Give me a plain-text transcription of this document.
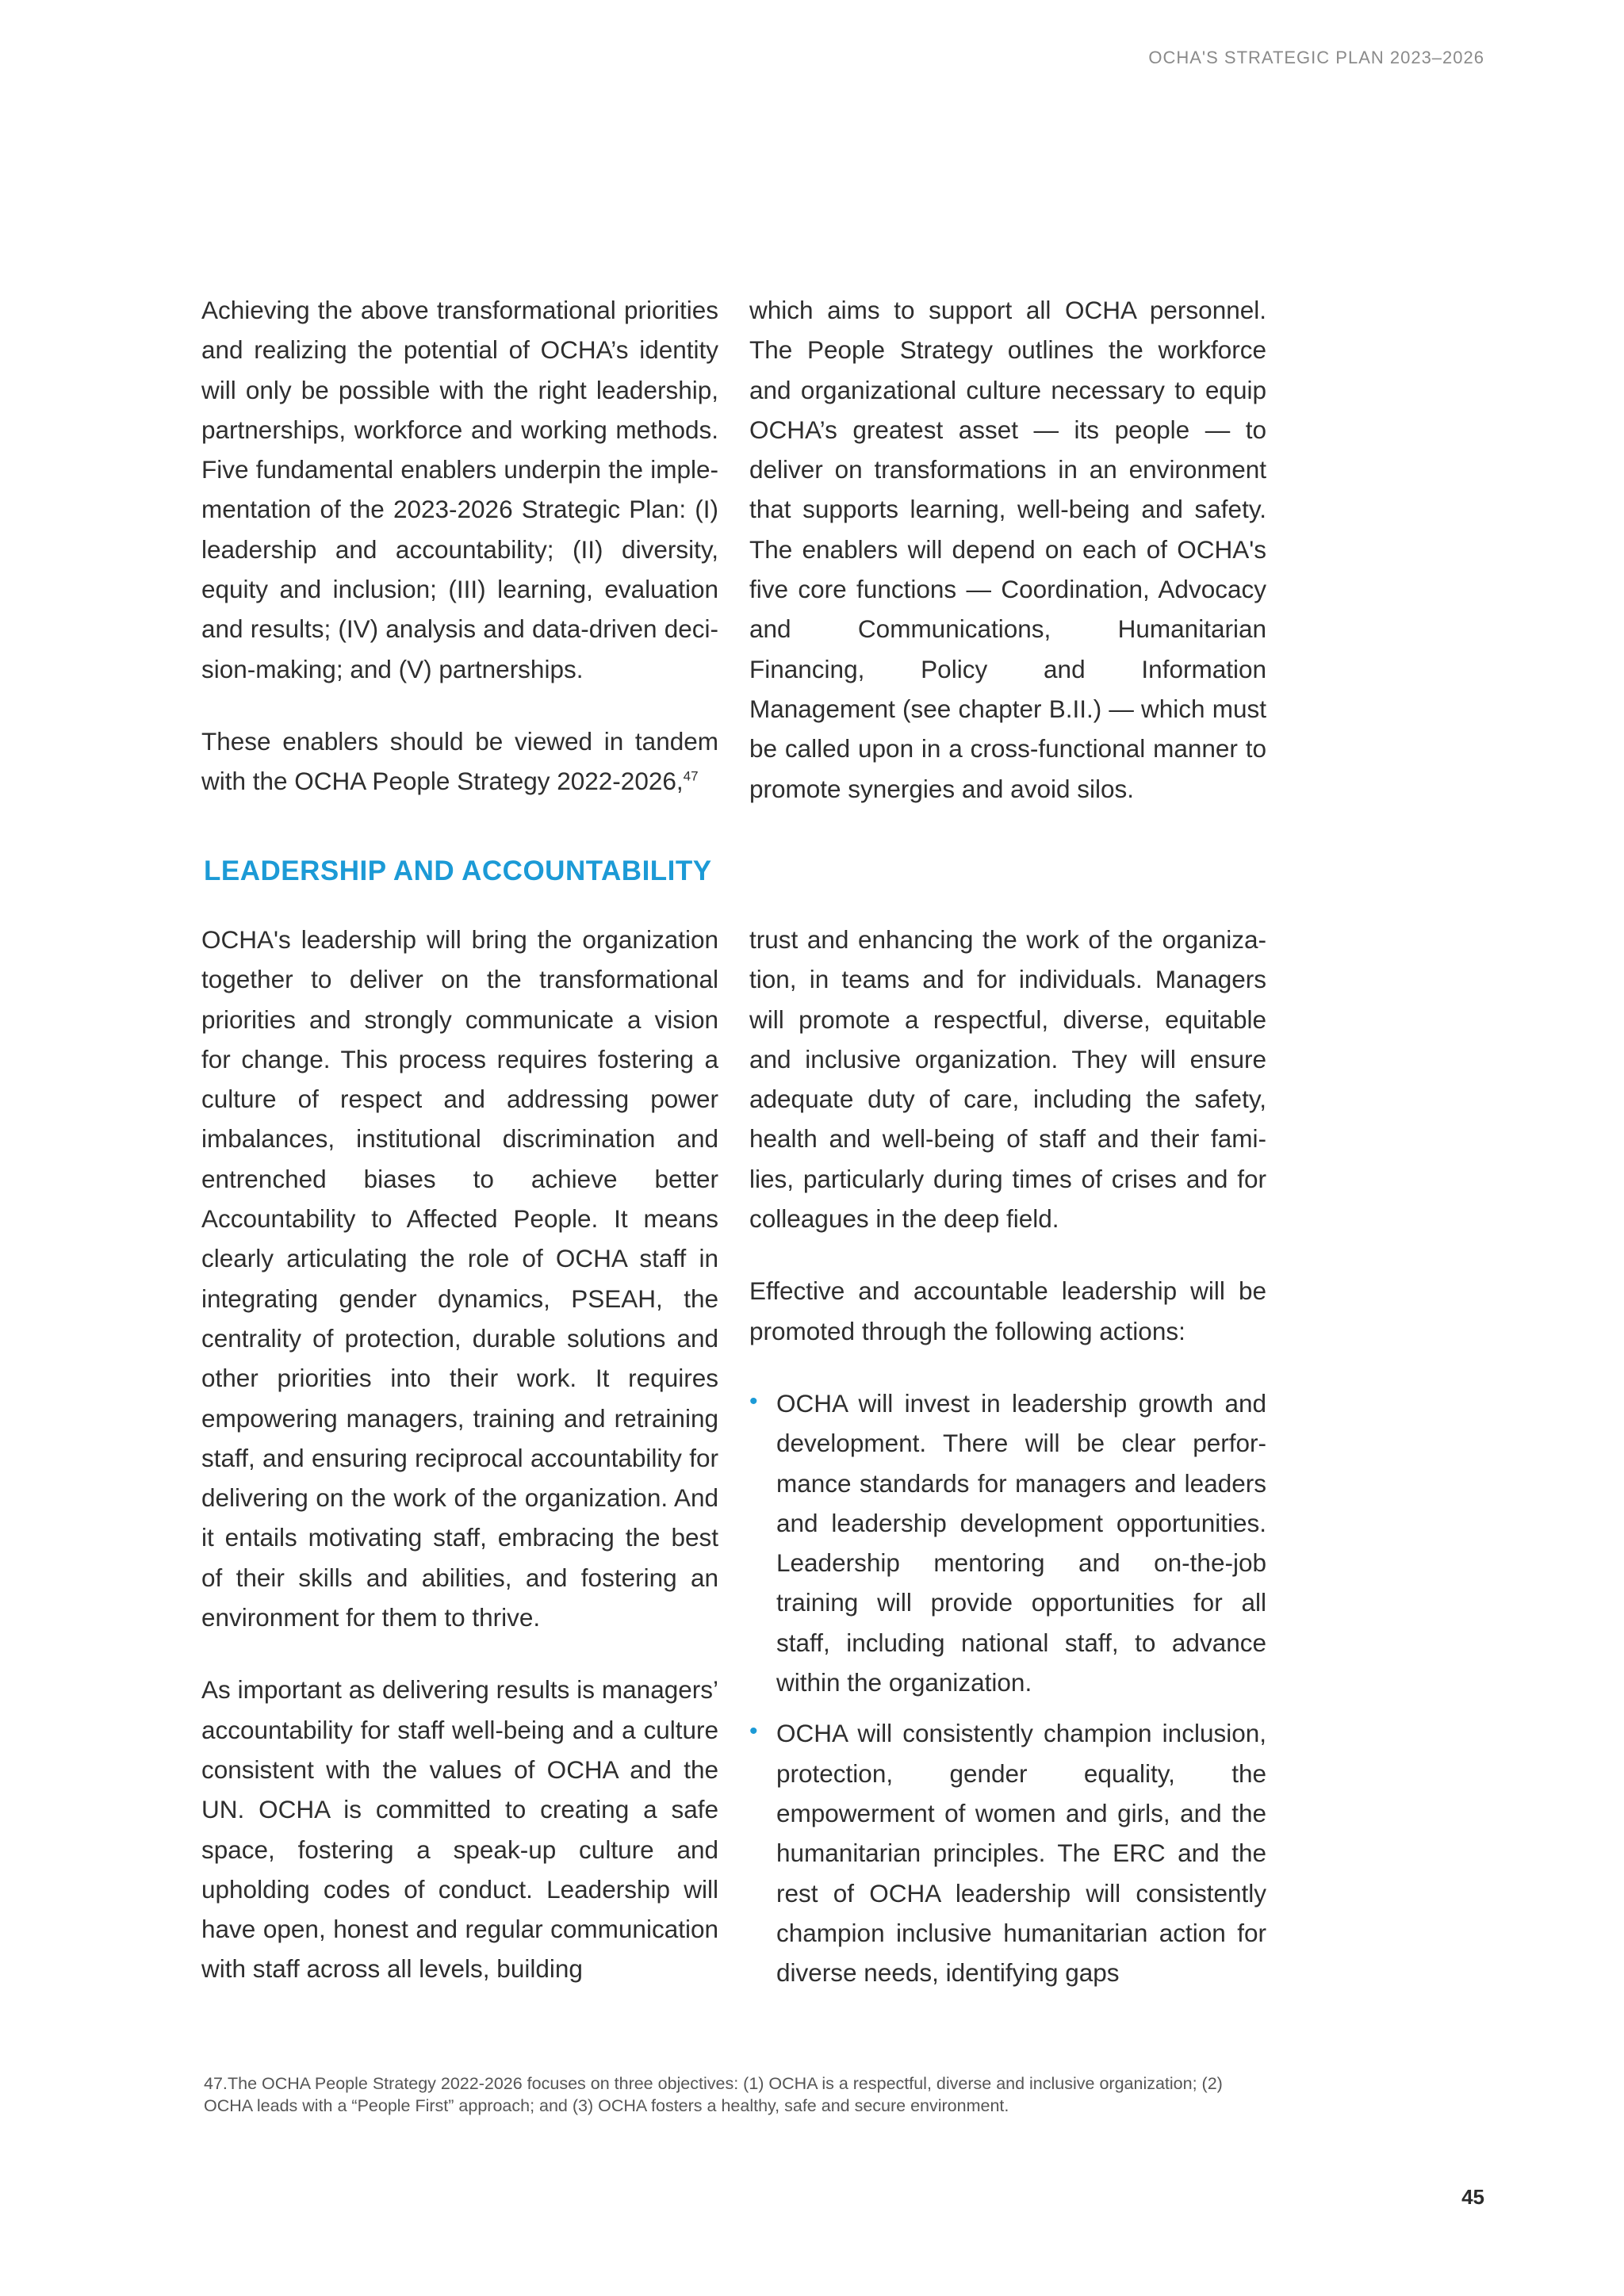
OCHA'S STRATEGIC PLAN 2023–2026

Achieving the above transformational priorities and realizing the potential of OCHA’s identity will only be possible with the right leadership, partnerships, workforce and working methods. Five fundamental enablers underpin the implementation of the 2023-2026 Strategic Plan: (I) leadership and accountability; (II) diversity, equity and inclusion; (III) learning, evaluation and results; (IV) analysis and data-driven decision-making; and (V) partnerships.

These enablers should be viewed in tandem with the OCHA People Strategy 2022-2026,47

which aims to support all OCHA personnel. The People Strategy outlines the workforce and organizational culture necessary to equip OCHA’s greatest asset — its people — to deliver on transformations in an environment that supports learning, well-being and safety. The enablers will depend on each of OCHA's five core functions — Coordination, Advocacy and Communications, Humanitarian Financing, Policy and Information Management (see chapter B.II.) — which must be called upon in a cross-functional manner to promote synergies and avoid silos.

LEADERSHIP AND ACCOUNTABILITY

OCHA's leadership will bring the organization together to deliver on the transformational priorities and strongly communicate a vision for change. This process requires fostering a culture of respect and addressing power imbalances, institutional discrimination and entrenched biases to achieve better Accountability to Affected People. It means clearly articulating the role of OCHA staff in integrating gender dynamics, PSEAH, the centrality of protection, durable solutions and other priorities into their work. It requires empowering managers, training and retraining staff, and ensuring reciprocal accountability for delivering on the work of the organization. And it entails motivating staff, embracing the best of their skills and abilities, and fostering an environment for them to thrive.

As important as delivering results is managers’ accountability for staff well-being and a culture consistent with the values of OCHA and the UN. OCHA is committed to creating a safe space, fostering a speak-up culture and upholding codes of conduct. Leadership will have open, honest and regular communication with staff across all levels, building

trust and enhancing the work of the organization, in teams and for individuals. Managers will promote a respectful, diverse, equitable and inclusive organization. They will ensure adequate duty of care, including the safety, health and well-being of staff and their families, particularly during times of crises and for colleagues in the deep field.

Effective and accountable leadership will be promoted through the following actions:

• OCHA will invest in leadership growth and development. There will be clear performance standards for managers and leaders and leadership development opportunities. Leadership mentoring and on-the-job training will provide opportunities for all staff, including national staff, to advance within the organization.
• OCHA will consistently champion inclusion, protection, gender equality, the empowerment of women and girls, and the humanitarian principles. The ERC and the rest of OCHA leadership will consistently champion inclusive humanitarian action for diverse needs, identifying gaps
47.The OCHA People Strategy 2022-2026 focuses on three objectives: (1) OCHA is a respectful, diverse and inclusive organization; (2) OCHA leads with a “People First” approach; and (3) OCHA fosters a healthy, safe and secure environment.
45
